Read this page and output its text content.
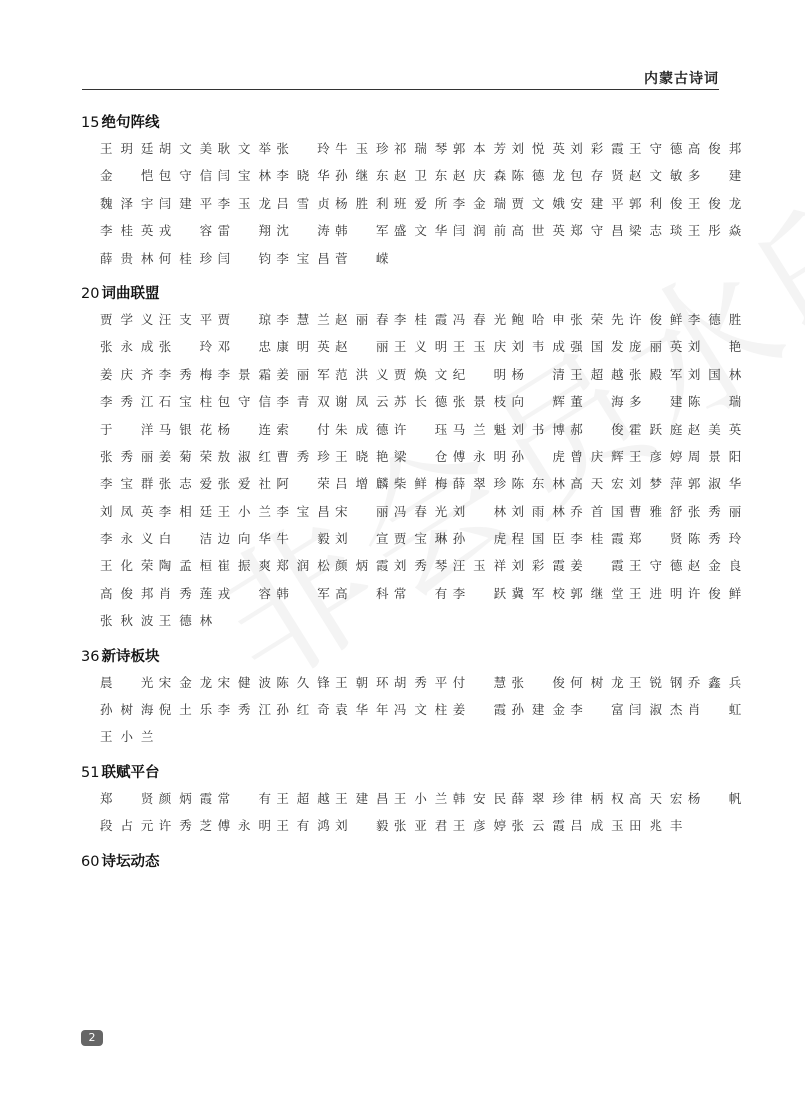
内蒙古诗词
15 绝句阵线
王玥廷 胡文美 耿文举 张　玲 牛玉珍 祁瑞琴 郭本芳 刘悦英 刘彩霞 王守德 高俊邦
金　恺 包守信 闫宝林 李晓华 孙继东 赵卫东 赵庆森 陈德龙 包存贤 赵文敏 多　建
魏泽宇 闫建平 李玉龙 吕雪贞 杨胜利 班爱所 李金瑞 贾文娥 安建平 郭利俊 王俊龙
李桂英 戎　容 雷　翔 沈　涛 韩　军 盛文华 闫润前 高世英 郑守昌 梁志琰 王彤焱
薛贵林 何桂珍 闫　钧 李宝昌 菅　嵘
20 词曲联盟
贾学义 汪支平 贾　琼 李慧兰 赵丽春 李桂霞 冯春光 鲍哈申 张荣先 许俊鲜 李德胜
张永成 张　玲 邓　忠 康明英 赵　丽 王义明 王玉庆 刘韦成 强国发 庞丽英 刘　艳
姜庆齐 李秀梅 李景霜 姜丽军 范洪义 贾焕文 纪　明 杨　清 王超越 张殿军 刘国林
李秀江 石宝柱 包守信 李青双 谢凤云 苏长德 张景枝 向　辉 董　海 多　建 陈　瑞
于　洋 马银花 杨　连 索　付 朱成德 许　珏 马兰魁 刘书博 郝　俊 霍跃庭 赵美英
张秀丽 姜菊荣 敖淑红 曹秀珍 王晓艳 梁　仓 傅永明 孙　虎 曾庆辉 王彦婷 周景阳
李宝群 张志爱 张爱社 阿　荣 吕增麟 柴鲜梅 薛翠珍 陈东林 高天宏 刘梦萍 郭淑华
刘凤英 李相廷 王小兰 李宝昌 宋　丽 冯春光 刘　林 刘雨林 乔首国 曹雅舒 张秀丽
李永义 白　洁 边向华 牛　毅 刘　宣 贾宝琳 孙　虎 程国臣 李桂霞 郑　贤 陈秀玲
王化荣 陶孟桓 崔振爽 郑润松 颜炳霞 刘秀琴 汪玉祥 刘彩霞 姜　霞 王守德 赵金良
高俊邦 肖秀莲 戎　容 韩　军 高　科 常　有 李　跃 冀军校 郭继堂 王进明 许俊鲜
张秋波 王德林
36 新诗板块
晨　光 宋金龙 宋健波 陈久锋 王朝环 胡秀平 付　慧 张　俊 何树龙 王锐钢 乔鑫兵
孙树海 倪土乐 李秀江 孙红奇 袁华年 冯文柱 姜　霞 孙建金 李　富 闫淑杰 肖　虹
王小兰
51 联赋平台
郑　贤 颜炳霞 常　有 王超越 王建昌 王小兰 韩安民 薛翠珍 律柄权 高天宏 杨　帆
段占元 许秀芝 傅永明 王有鸿 刘　毅 张亚君 王彦婷 张云霞 吕成玉 田兆丰
60 诗坛动态
2
